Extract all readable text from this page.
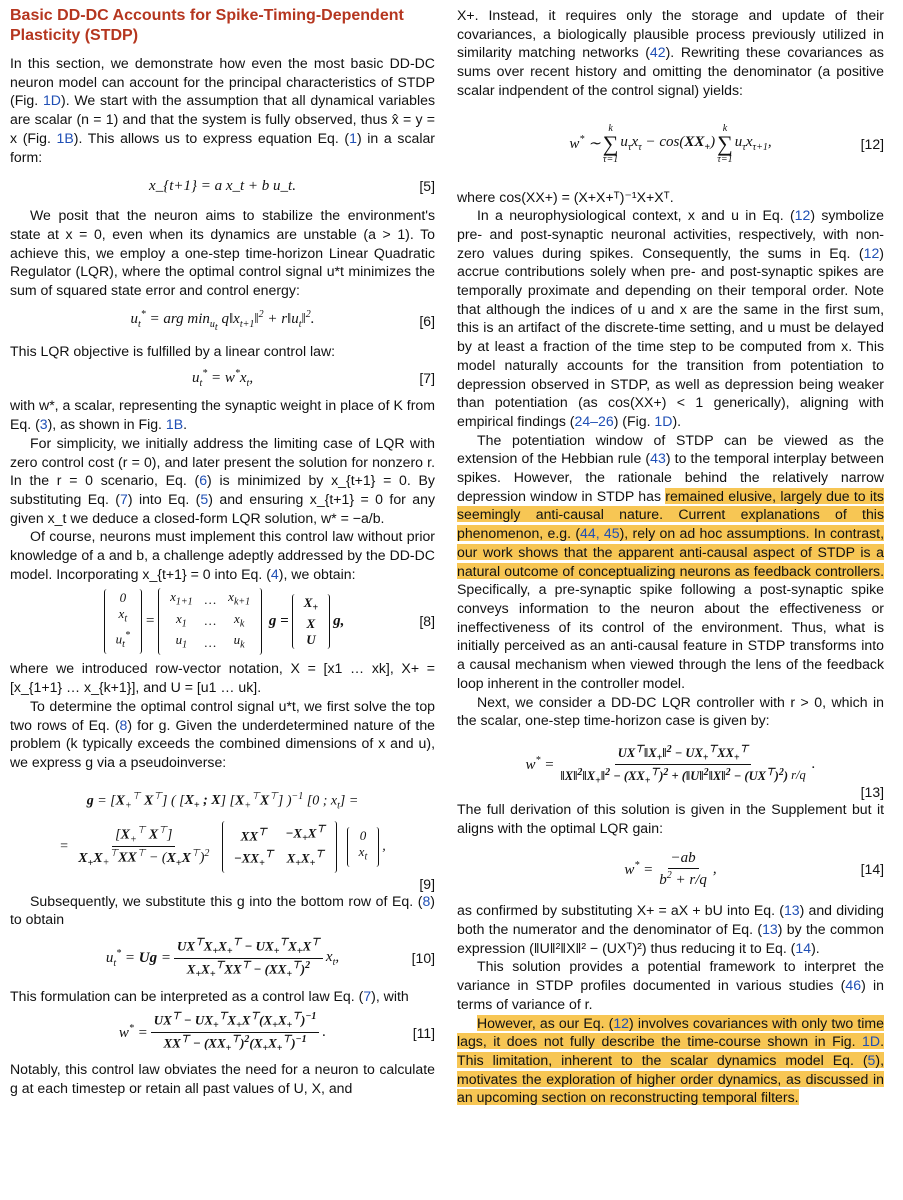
Basic DD-DC Accounts for Spike-Timing-Dependent Plasticity (STDP)

In this section, we demonstrate how even the most basic DD-DC neuron model can account for the principal characteristics of STDP (Fig. 1D). We start with the assumption that all dynamical variables are scalar (n = 1) and that the system is fully observed, thus x̂ = y = x (Fig. 1B). This allows us to express equation Eq. (1) in a scalar form:

x_{t+1} = a x_t + b u_t.	[5]

We posit that the neuron aims to stabilize the environment's state at x = 0, even when its dynamics are unstable (a > 1). To achieve this, we employ a one-step time-horizon Linear Quadratic Regulator (LQR), where the optimal control signal u*t minimizes the sum of squared state error and control energy:

$u_t^*$ = arg $\min_{u_t}$ $q‖x_{t+1}‖^2$ + $r‖u_t‖^2$.	[6]

This LQR objective is fulfilled by a linear control law:

$u_t^* = w^*x_t$,	[7]

with w*, a scalar, representing the synaptic weight in place of K from Eq. (3), as shown in Fig. 1B.

For simplicity, we initially address the limiting case of LQR with zero control cost (r = 0), and later present the solution for nonzero r. In the r = 0 scenario, Eq. (6) is minimized by x_{t+1} = 0. By substituting Eq. (7) into Eq. (5) and ensuring x_{t+1} = 0 for any given x_t we deduce a closed-form LQR solution, w* = −a/b.

Of course, neurons must implement this control law without prior knowledge of a and b, a challenge adeptly addressed by the DD-DC model. Incorporating x_{t+1} = 0 into Eq. (4), we obtain:

0
$x_t$
$u_t^*$
=
$x_{1+1}$	…	$x_{k+1}$
$x_1$	…	$x_k$
$u_1$	…	$u_k$
g =
$X_+$
X
U
g,	[8]

where we introduced row-vector notation, X = [x1 … xk], X+ = [x_{1+1} … x_{k+1}], and U = [u1 … uk].

To determine the optimal control signal u*t, we first solve the top two rows of Eq. (8) for g. Given the underdetermined nature of the problem (k typically exceeds the combined dimensions of x and u), we express g via a pseudoinverse:

$g = [X_+^⊤$ X⊤] ( [$X_+$ ; X] $[X_+^⊤X^⊤]$ )$^{-1}$ [0 ; $x_t$] =
= $\frac{[X_+^⊤ X^⊤]}{X_+X_+^⊤XX^⊤ - (X_+X^⊤)^2}$
XX⊤	$-X_+X^⊤$
$-XX_+^⊤$	$X_+X_+^⊤$

0
$x_t$
,
[9]

Subsequently, we substitute this g into the bottom row of Eq. (8) to obtain

$u_t^* = Ug = \frac{UX^⊤X_+X_+^⊤ - UX_+^⊤X_+X^⊤}{X_+X_+^⊤XX^⊤ - (XX_+^⊤)^2} x_t$,	[10]

This formulation can be interpreted as a control law Eq. (7), with

$w^* = \frac{UX^⊤ - UX_+^⊤X_+X^⊤(X_+X_+^⊤)^{-1}}{XX^⊤ - (XX_+^⊤)^2(X_+X_+^⊤)^{-1}}$ .	[11]

Notably, this control law obviates the need for a neuron to calculate g at each timestep or retain all past values of U, X, and

X+. Instead, it requires only the storage and update of their covariances, a biologically plausible process previously utilized in similarity matching networks (42). Rewriting these covariances as sums over recent history and omitting the denominator (a positive scalar indpendent of the control signal) yields:

w* ∼
k
∑
τ=1
$u_\tau x_\tau - \cos(XX_+)$
k
∑
τ=1
$u_\tau x_{\tau+1}$,	[12]

where cos(XX+) = (X+X+ᵀ)⁻¹X+Xᵀ.

In a neurophysiological context, x and u in Eq. (12) symbolize pre- and post-synaptic neuronal activities, respectively, with non-zero values during spikes. Consequently, the sums in Eq. (12) accrue contributions solely when pre- and post-synaptic spikes are temporally proximate and depending on their temporal order. Note that although the indices of u and x are the same in the first sum, this is an artifact of the discrete-time setting, and u must be delayed by at least a fraction of the time step to be computed from x. This model naturally accounts for the transition from potentiation to depression observed in STDP, as well as depression being weaker than potentiation (as cos(XX+) < 1 generically), aligning with empirical findings (24–26) (Fig. 1D).

The potentiation window of STDP can be viewed as the extension of the Hebbian rule (43) to the temporal interplay between spikes. However, the rationale behind the relatively narrow depression window in STDP has remained elusive, largely due to its seemingly anti-causal nature. Current explanations of this phenomenon, e.g. (44, 45), rely on ad hoc assumptions. In contrast, our work shows that the apparent anti-causal aspect of STDP is a natural outcome of conceptualizing neurons as feedback controllers. Specifically, a pre-synaptic spike following a post-synaptic spike conveys information to the neuron about the effectiveness or ineffectiveness of its control of the environment. Thus, what is initially perceived as an anti-causal feature in STDP transforms into a causal mechanism when viewed through the lens of the feedback loop inherent in the controller model.

Next, we consider a DD-DC LQR controller with r > 0, which in the scalar, one-step time-horizon case is given by:

$w^* = \frac{UX^⊤‖X_+‖^2 - UX_+^⊤XX_+^⊤}{‖X‖^2‖X_+‖^2 - (XX_+^⊤)^2 + (‖U‖^2‖X‖^2 - (UX^⊤)^2) r/q}$ .
[13]

The full derivation of this solution is given in the Supplement but it aligns with the optimal LQR gain:

$w^* = \frac{-ab}{b^2 + r/q}$ ,	[14]

as confirmed by substituting X+ = aX + bU into Eq. (13) and dividing both the numerator and the denominator of Eq. (13) by the common expression (‖U‖²‖X‖² − (UXᵀ)²) thus reducing it to Eq. (14).

This solution provides a potential framework to interpret the variance in STDP profiles documented in various studies (46) in terms of variance of r.

However, as our Eq. (12) involves covariances with only two time lags, it does not fully describe the time-course shown in Fig. 1D. This limitation, inherent to the scalar dynamics model Eq. (5), motivates the exploration of higher order dynamics, as discussed in an upcoming section on reconstructing temporal filters.
